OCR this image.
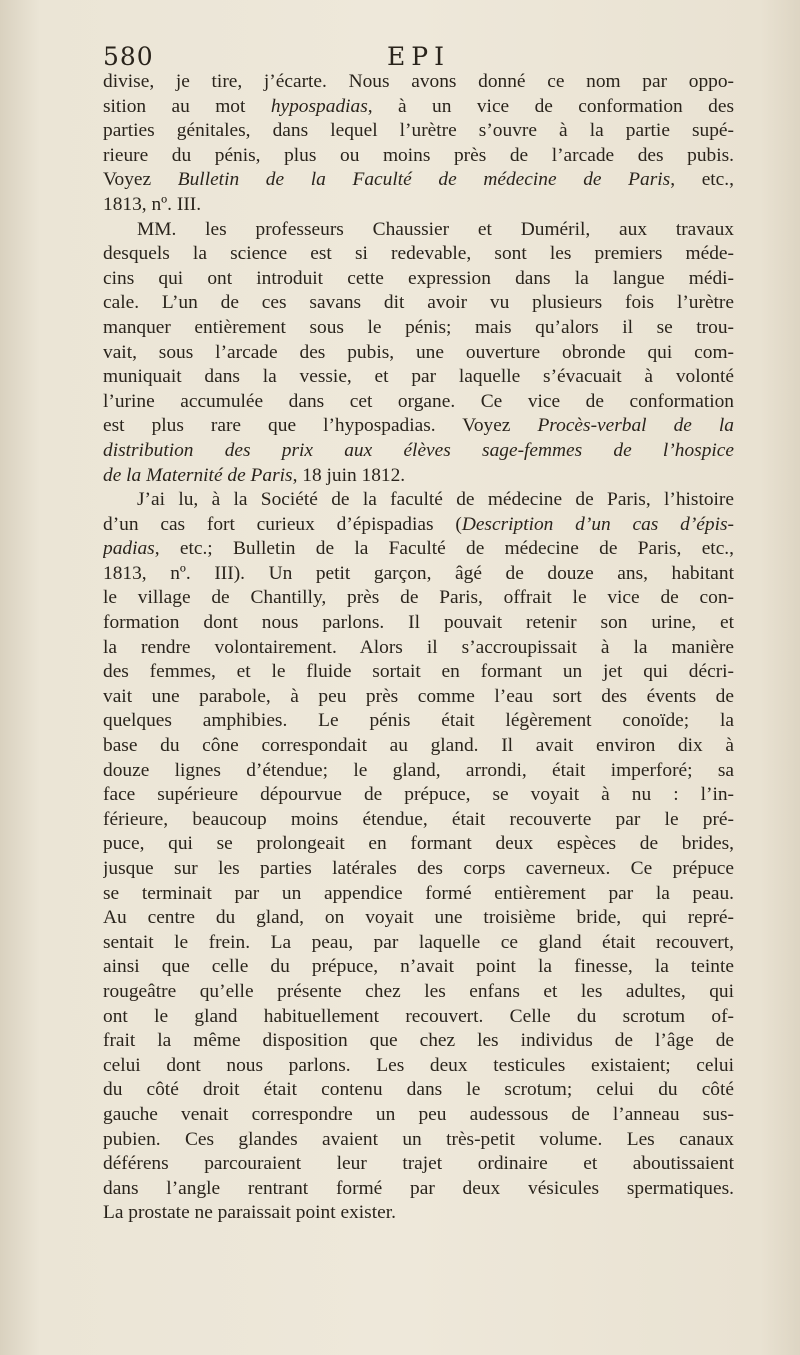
580	EPI

divise, je tire, j’écarte. Nous avons donné ce nom par oppo-
sition au mot hypospadias, à un vice de conformation des
parties génitales, dans lequel l’urètre s’ouvre à la partie supé-
rieure du pénis, plus ou moins près de l’arcade des pubis.
Voyez Bulletin de la Faculté de médecine de Paris, etc.,
1813, nº. III.

MM. les professeurs Chaussier et Duméril, aux travaux
desquels la science est si redevable, sont les premiers méde-
cins qui ont introduit cette expression dans la langue médi-
cale. L’un de ces savans dit avoir vu plusieurs fois l’urètre
manquer entièrement sous le pénis; mais qu’alors il se trou-
vait, sous l’arcade des pubis, une ouverture obronde qui com-
muniquait dans la vessie, et par laquelle s’évacuait à volonté
l’urine accumulée dans cet organe. Ce vice de conformation
est plus rare que l’hypospadias. Voyez Procès-verbal de la
distribution des prix aux élèves sage-femmes de l’hospice
de la Maternité de Paris, 18 juin 1812.

J’ai lu, à la Société de la faculté de médecine de Paris, l’histoire
d’un cas fort curieux d’épispadias (Description d’un cas d’épis-
padias, etc.; Bulletin de la Faculté de médecine de Paris, etc.,
1813, nº. III). Un petit garçon, âgé de douze ans, habitant
le village de Chantilly, près de Paris, offrait le vice de con-
formation dont nous parlons. Il pouvait retenir son urine, et
la rendre volontairement. Alors il s’accroupissait à la manière
des femmes, et le fluide sortait en formant un jet qui décri-
vait une parabole, à peu près comme l’eau sort des évents de
quelques amphibies. Le pénis était légèrement conoïde; la
base du cône correspondait au gland. Il avait environ dix à
douze lignes d’étendue; le gland, arrondi, était imperforé; sa
face supérieure dépourvue de prépuce, se voyait à nu : l’in-
férieure, beaucoup moins étendue, était recouverte par le pré-
puce, qui se prolongeait en formant deux espèces de brides,
jusque sur les parties latérales des corps caverneux. Ce prépuce
se terminait par un appendice formé entièrement par la peau.
Au centre du gland, on voyait une troisième bride, qui repré-
sentait le frein. La peau, par laquelle ce gland était recouvert,
ainsi que celle du prépuce, n’avait point la finesse, la teinte
rougeâtre qu’elle présente chez les enfans et les adultes, qui
ont le gland habituellement recouvert. Celle du scrotum of-
frait la même disposition que chez les individus de l’âge de
celui dont nous parlons. Les deux testicules existaient; celui
du côté droit était contenu dans le scrotum; celui du côté
gauche venait correspondre un peu audessous de l’anneau sus-
pubien. Ces glandes avaient un très-petit volume. Les canaux
déférens parcouraient leur trajet ordinaire et aboutissaient
dans l’angle rentrant formé par deux vésicules spermatiques.
La prostate ne paraissait point exister.
